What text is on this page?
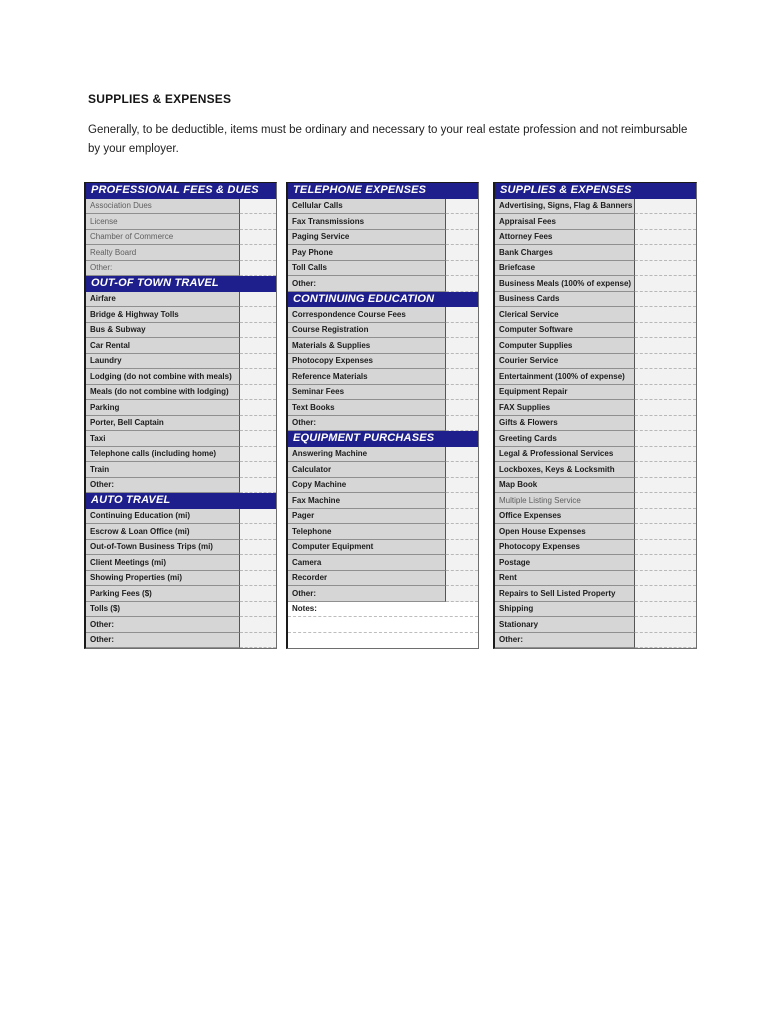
SUPPLIES & EXPENSES
Generally, to be deductible, items must be ordinary and necessary to your real estate profession and not reimbursable by your employer.
PROFESSIONAL FEES & DUES
Association Dues
License
Chamber of Commerce
Realty Board
Other:
OUT-OF TOWN TRAVEL
Airfare
Bridge & Highway Tolls
Bus & Subway
Car Rental
Laundry
Lodging (do not combine with meals)
Meals (do not combine with lodging)
Parking
Porter, Bell Captain
Taxi
Telephone calls (including home)
Train
Other:
AUTO TRAVEL
Continuing Education (mi)
Escrow & Loan Office (mi)
Out-of-Town Business Trips (mi)
Client Meetings (mi)
Showing Properties (mi)
Parking Fees ($)
Tolls ($)
Other:
Other:
TELEPHONE EXPENSES
Cellular Calls
Fax Transmissions
Paging Service
Pay Phone
Toll Calls
Other:
CONTINUING EDUCATION
Correspondence Course Fees
Course Registration
Materials & Supplies
Photocopy Expenses
Reference Materials
Seminar Fees
Text Books
Other:
EQUIPMENT PURCHASES
Answering Machine
Calculator
Copy Machine
Fax Machine
Pager
Telephone
Computer Equipment
Camera
Recorder
Other:
Notes:
SUPPLIES & EXPENSES
Advertising, Signs, Flag & Banners
Appraisal Fees
Attorney Fees
Bank Charges
Briefcase
Business Meals (100% of expense)
Business Cards
Clerical Service
Computer Software
Computer Supplies
Courier Service
Entertainment (100% of expense)
Equipment Repair
FAX Supplies
Gifts & Flowers
Greeting Cards
Legal & Professional Services
Lockboxes, Keys & Locksmith
Map Book
Multiple Listing Service
Office Expenses
Open House Expenses
Photocopy Expenses
Postage
Rent
Repairs to Sell Listed Property
Shipping
Stationary
Other:
